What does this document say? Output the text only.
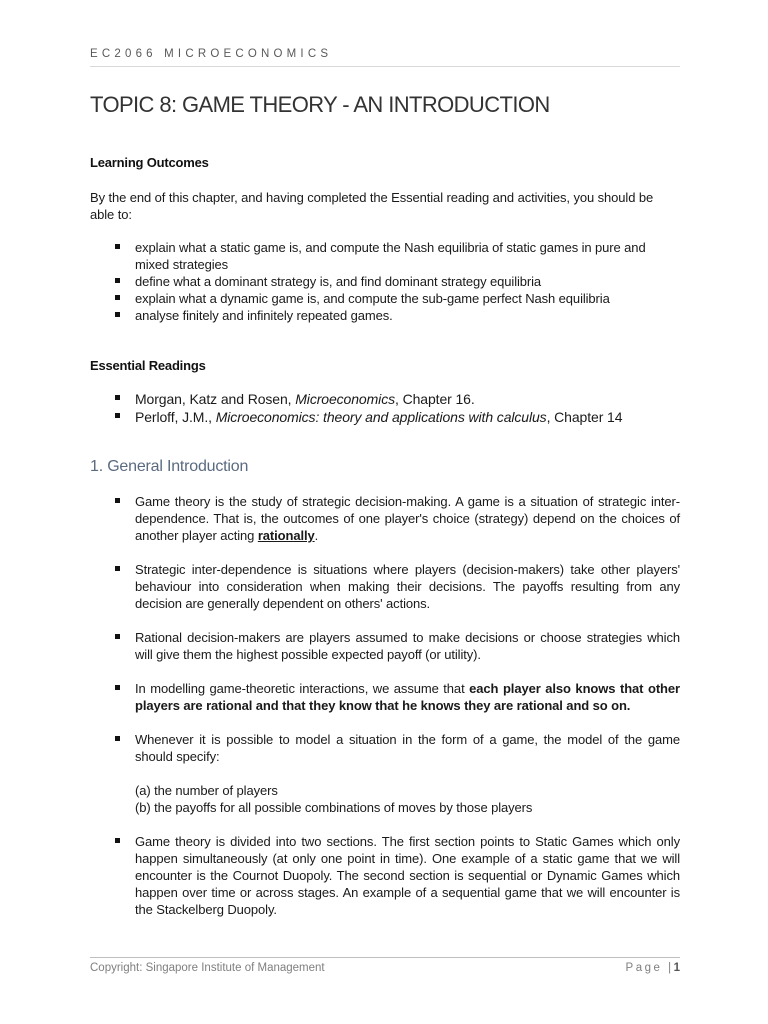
EC2066 MICROECONOMICS
TOPIC 8: GAME THEORY - AN INTRODUCTION
Learning Outcomes
By the end of this chapter, and having completed the Essential reading and activities, you should be able to:
explain what a static game is, and compute the Nash equilibria of static games in pure and mixed strategies
define what a dominant strategy is, and find dominant strategy equilibria
explain what a dynamic game is, and compute the sub-game perfect Nash equilibria
analyse finitely and infinitely repeated games.
Essential Readings
Morgan, Katz and Rosen, Microeconomics, Chapter 16.
Perloff, J.M., Microeconomics: theory and applications with calculus, Chapter 14
1. General Introduction
Game theory is the study of strategic decision-making. A game is a situation of strategic inter-dependence. That is, the outcomes of one player's choice (strategy) depend on the choices of another player acting rationally.
Strategic inter-dependence is situations where players (decision-makers) take other players' behaviour into consideration when making their decisions. The payoffs resulting from any decision are generally dependent on others' actions.
Rational decision-makers are players assumed to make decisions or choose strategies which will give them the highest possible expected payoff (or utility).
In modelling game-theoretic interactions, we assume that each player also knows that other players are rational and that they know that he knows they are rational and so on.
Whenever it is possible to model a situation in the form of a game, the model of the game should specify:
(a) the number of players
(b) the payoffs for all possible combinations of moves by those players
Game theory is divided into two sections. The first section points to Static Games which only happen simultaneously (at only one point in time). One example of a static game that we will encounter is the Cournot Duopoly. The second section is sequential or Dynamic Games which happen over time or across stages. An example of a sequential game that we will encounter is the Stackelberg Duopoly.
Copyright: Singapore Institute of Management	Page |1
